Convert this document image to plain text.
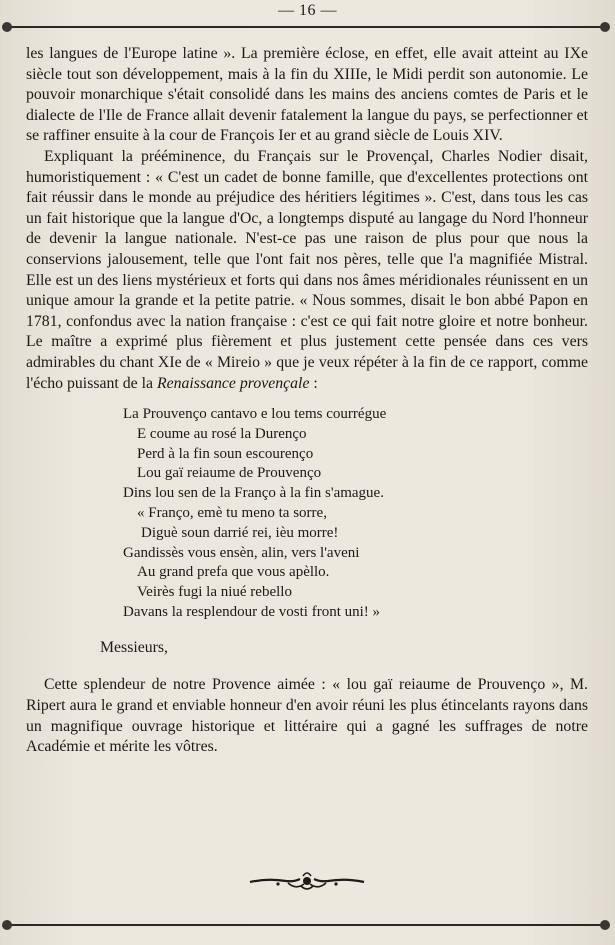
— 16 —

les langues de l'Europe latine ». La première éclose, en effet, elle avait atteint au IXe siècle tout son développement, mais à la fin du XIIIe, le Midi perdit son autonomie. Le pouvoir monarchique s'était consolidé dans les mains des anciens comtes de Paris et le dialecte de l'Ile de France allait devenir fatalement la langue du pays, se perfectionner et se raffiner ensuite à la cour de François Ier et au grand siècle de Louis XIV.

Expliquant la prééminence, du Français sur le Provençal, Charles Nodier disait, humoristiquement : « C'est un cadet de bonne famille, que d'excellentes protections ont fait réussir dans le monde au préjudice des héritiers légitimes ». C'est, dans tous les cas un fait historique que la langue d'Oc, a longtemps disputé au langage du Nord l'honneur de devenir la langue nationale. N'est-ce pas une raison de plus pour que nous la conservions jalousement, telle que l'ont fait nos pères, telle que l'a magnifiée Mistral. Elle est un des liens mystérieux et forts qui dans nos âmes méridionales réunissent en un unique amour la grande et la petite patrie. « Nous sommes, disait le bon abbé Papon en 1781, confondus avec la nation française : c'est ce qui fait notre gloire et notre bonheur. Le maître a exprimé plus fièrement et plus justement cette pensée dans ces vers admirables du chant XIe de « Mireio » que je veux répéter à la fin de ce rapport, comme l'écho puissant de la Renaissance provençale :

La Prouvenço cantavo e lou tems courrégue
E coume au rosé la Durenço
Perd à la fin soun escourenço
Lou gaï reiaume de Prouvenço
Dins lou sen de la Franço à la fin s'amague.
« Franço, emè tu meno ta sorre,
Diguè soun darrié rei, ièu morre!
Gandissès vous ensèn, alin, vers l'aveni
Au grand prefa que vous apèllo.
Veirès fugi la niué rebello
Davans la resplendour de vosti front uni! »
Messieurs,

Cette splendeur de notre Provence aimée : « lou gaï reiaume de Prouvenço », M. Ripert aura le grand et enviable honneur d'en avoir réuni les plus étincelants rayons dans un magnifique ouvrage historique et littéraire qui a gagné les suffrages de notre Académie et mérite les vôtres.
